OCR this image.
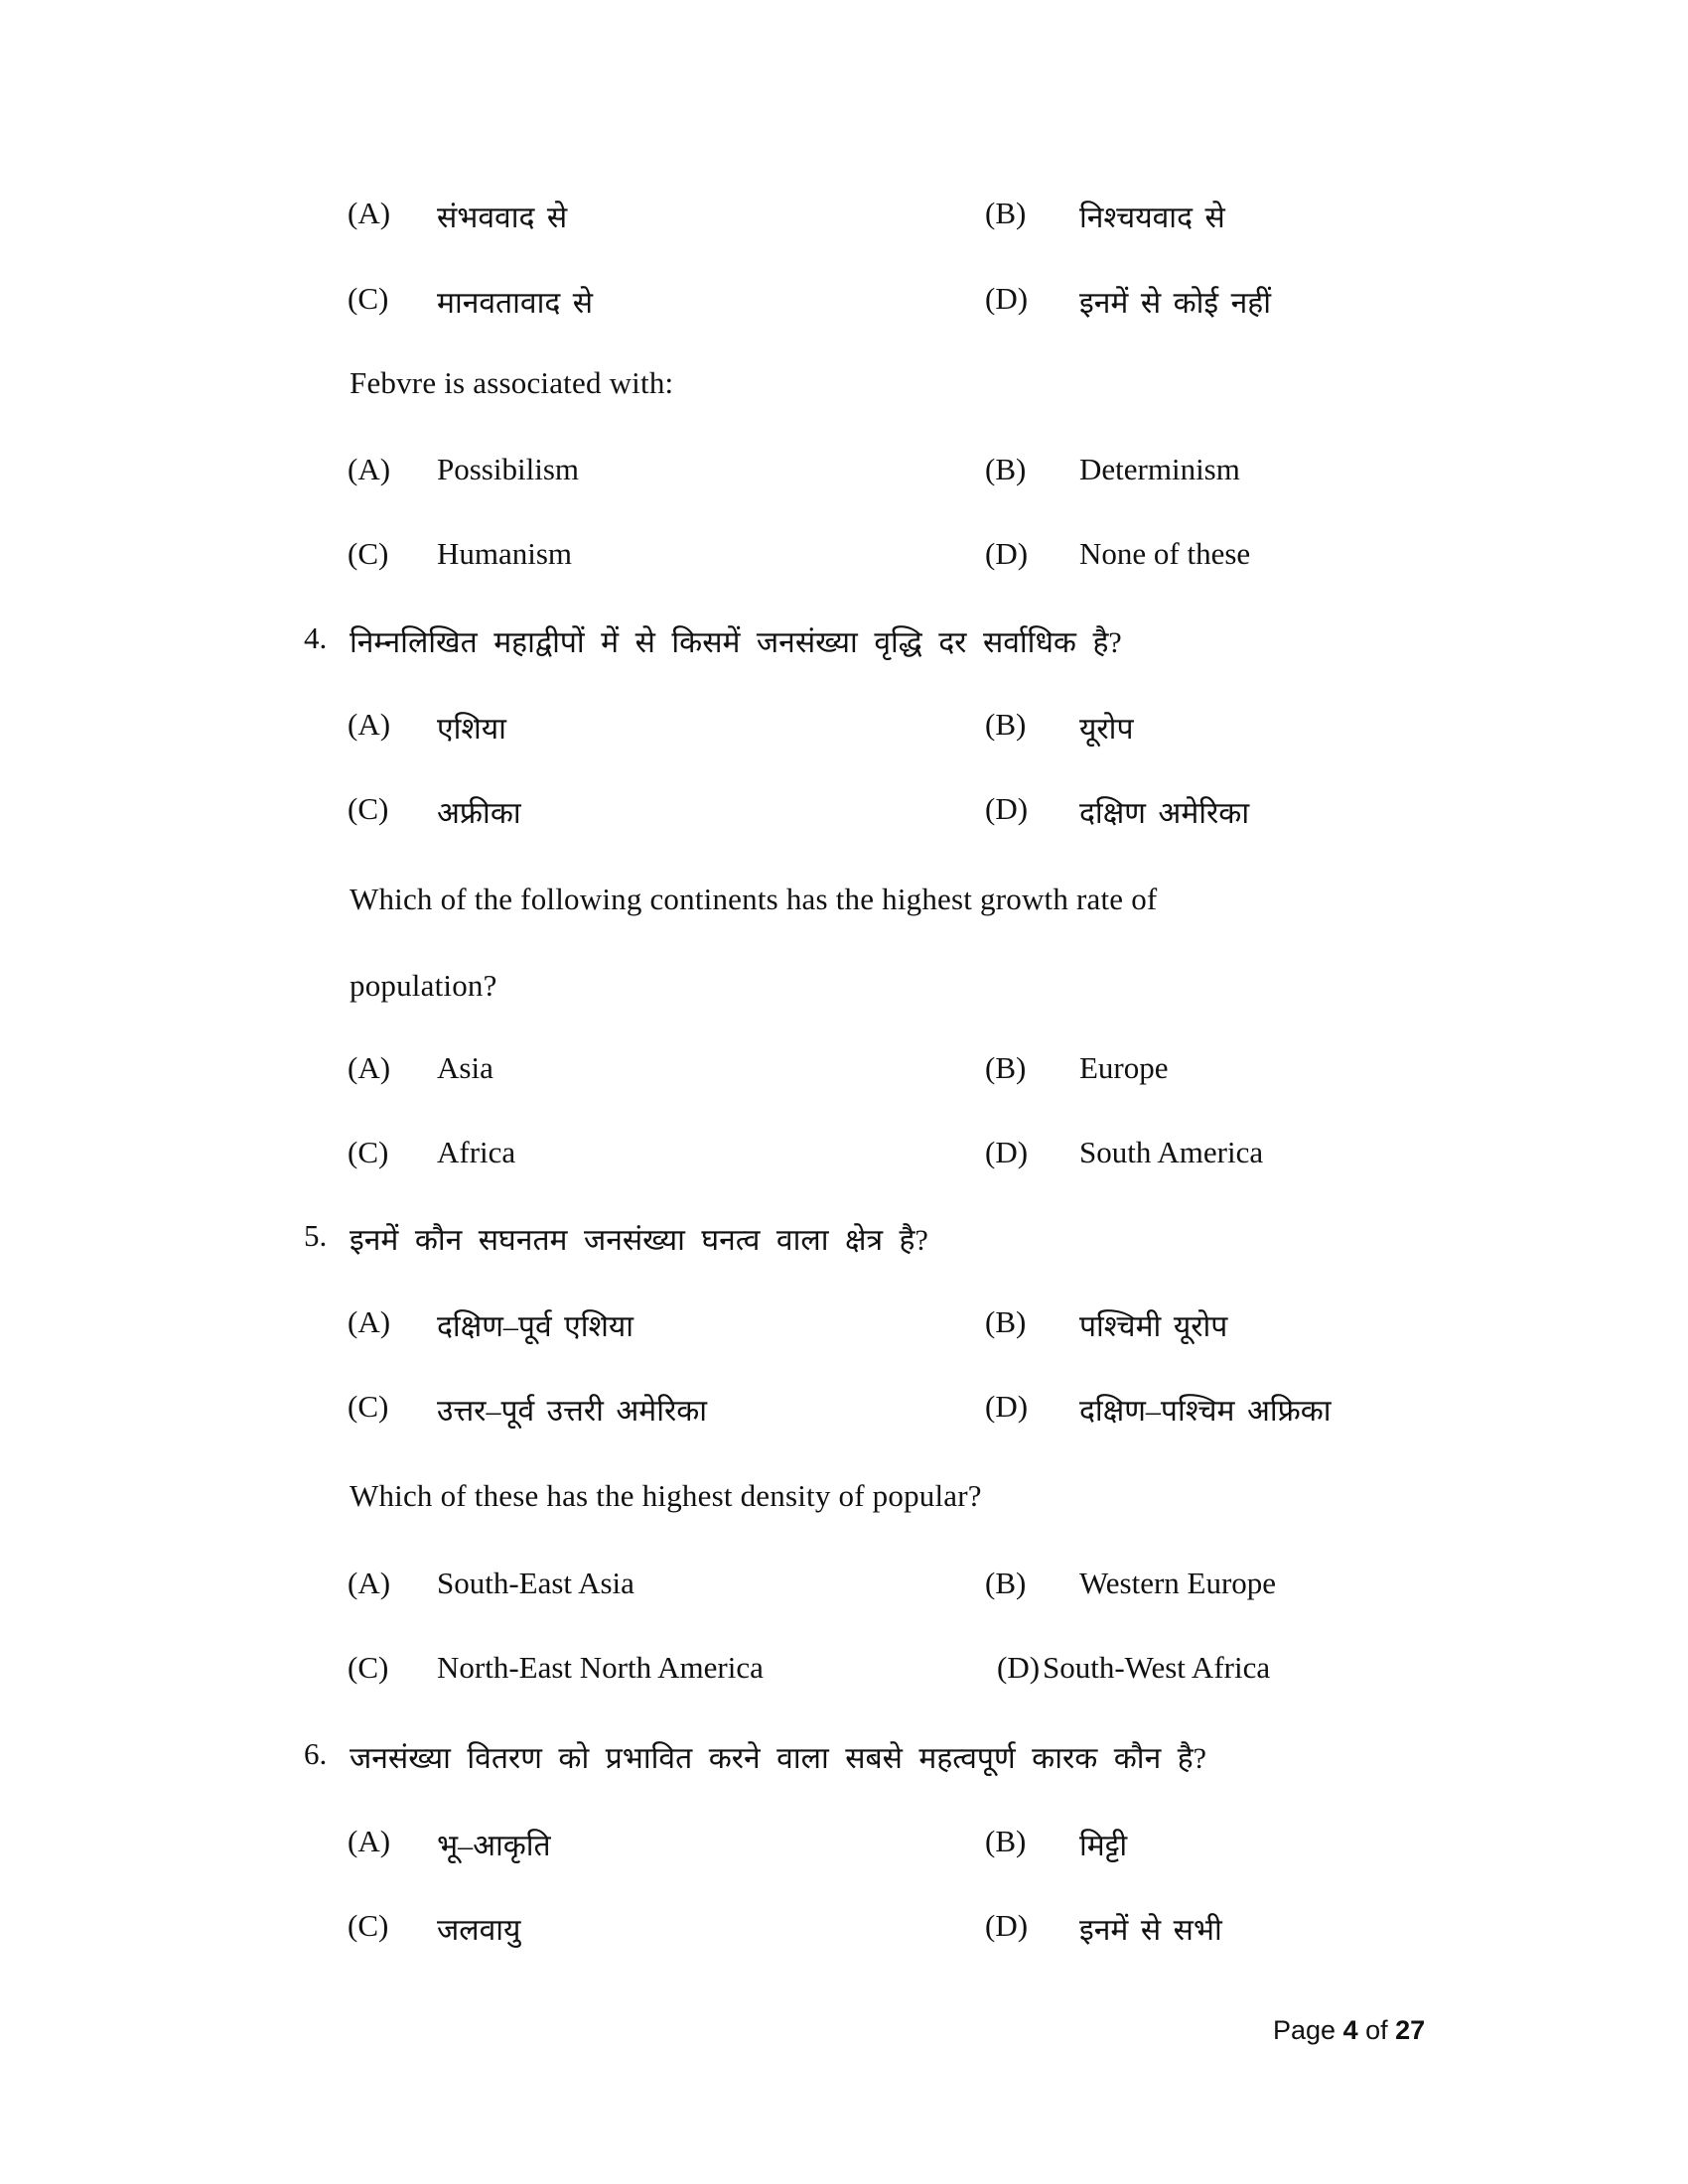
(A)	संभववाद से	(B)	निश्चयवाद से
(C)	मानवतावाद से	(D)	इनमें से कोई नहीं
Febvre is associated with:
(A)	Possibilism	(B)	Determinism
(C)	Humanism	(D)	None of these
4. निम्नलिखित महाद्वीपों में से किसमें जनसंख्या वृद्धि दर सर्वाधिक है?
(A)	एशिया	(B)	यूरोप
(C)	अफ्रीका	(D)	दक्षिण अमेरिका
Which of the following continents has the highest growth rate of
population?
(A)	Asia	(B)	Europe
(C)	Africa	(D)	South America
5. इनमें कौन सघनतम जनसंख्या घनत्व वाला क्षेत्र है?
(A)	दक्षिण–पूर्व एशिया	(B)	पश्चिमी यूरोप
(C)	उत्तर–पूर्व उत्तरी अमेरिका	(D)	दक्षिण–पश्चिम अफ्रिका
Which of these has the highest density of popular?
(A)	South-East Asia	(B)	Western Europe
(C)	North-East North America	(D) South-West Africa
6. जनसंख्या वितरण को प्रभावित करने वाला सबसे महत्वपूर्ण कारक कौन है?
(A)	भू–आकृति	(B)	मिट्टी
(C)	जलवायु	(D)	इनमें से सभी
Page 4 of 27
